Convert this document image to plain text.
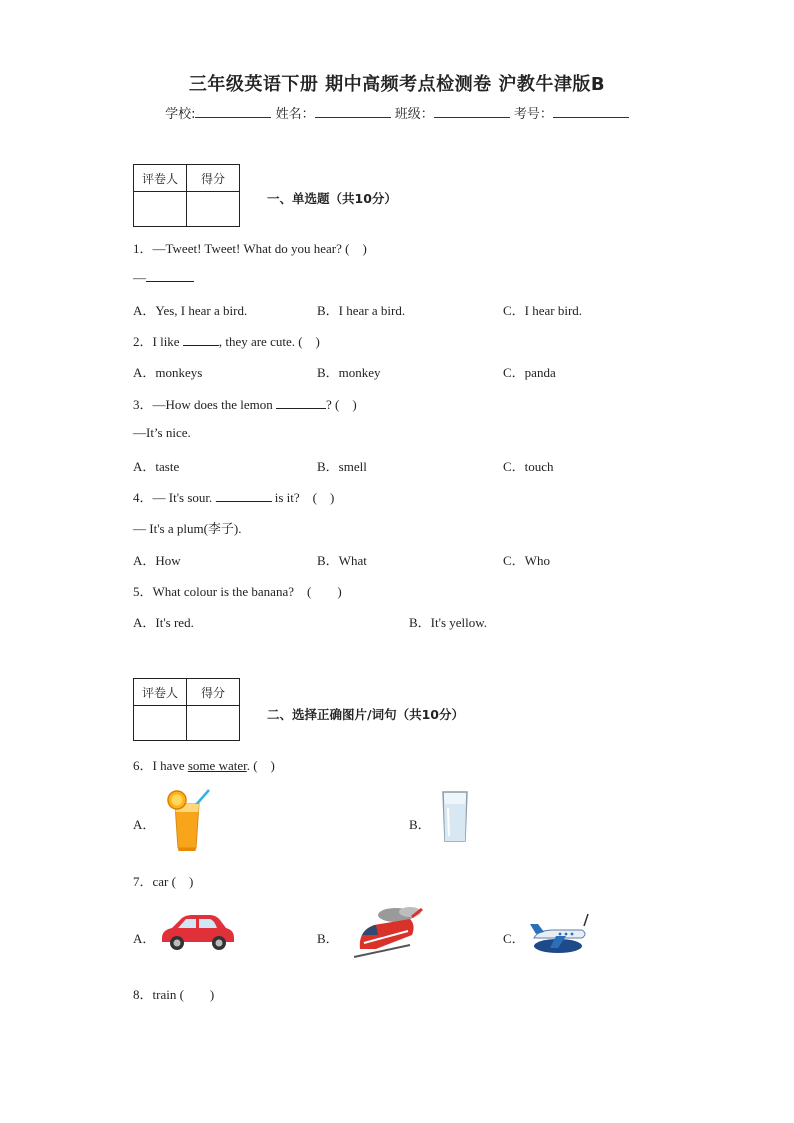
三年级英语下册 期中高频考点检测卷 沪教牛津版B
学校:	姓名：	班级：	考号：
评卷人	得分

一、单选题（共10分）
1．—Tweet! Tweet! What do you hear? (　)
—
A．Yes, I hear a bird.	B．I hear a bird.	C．I hear bird.
2．I like	, they are cute. (　)
A．monkeys	B．monkey	C．panda
3．—How does the lemon	? (　)
—It’s nice.
A．taste	B．smell	C．touch
4．— It's sour.	is it?　(　)
— It's a plum(李子).
A．How	B．What	C．Who
5．What colour is the banana?　(　　)
A．It's red.	B．It's yellow.
评卷人	得分

二、选择正确图片/词句（共10分）
6．I have some water. (　)
A．	B．
7．car (　)
A．	B．	C．
8．train (　　)
